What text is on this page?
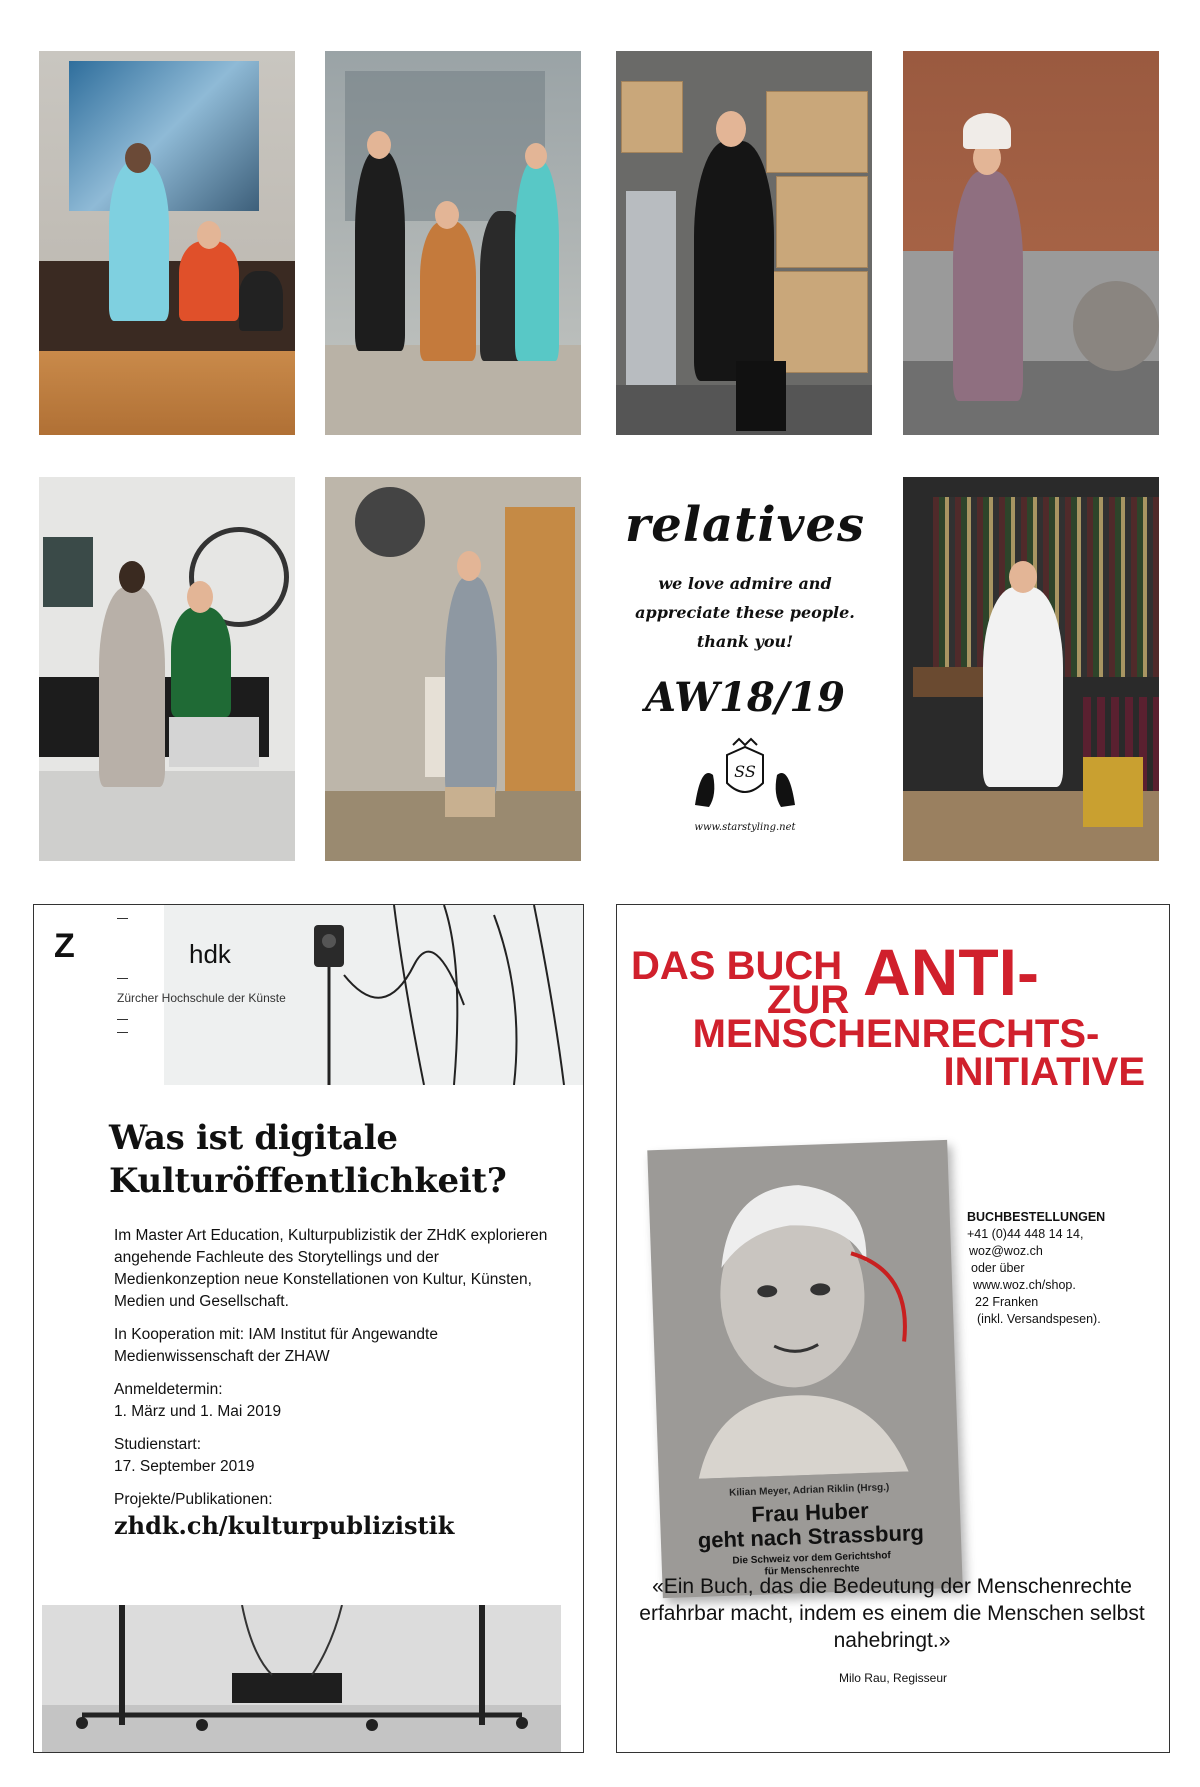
relatives
we love admire and
appreciate these people.
thank you!
AW18/19
SS
www.starstyling.net
Z	hdk
Zürcher Hochschule der Künste
Was ist digitale
Kulturöffentlichkeit?

Im Master Art Education, Kulturpublizistik der ZHdK explorieren angehende Fachleute des Storytellings und der Medienkonzeption neue Konstellationen von Kultur, Künsten, Medien und Gesellschaft.

In Kooperation mit: IAM Institut für Angewandte Medienwissenschaft der ZHAW

Anmeldetermin:
1. März und 1. Mai 2019

Studienstart:
17. September 2019

Projekte/Publikationen:

zhdk.ch/kulturpublizistik
DAS BUCH
ZUR ANTI-
MENSCHENRECHTS-
INITIATIVE
Kilian Meyer, Adrian Riklin (Hrsg.)
Frau Huber
geht nach Strassburg
Die Schweiz vor dem Gerichtshof
für Menschenrechte
BUCHBESTELLUNGEN
+41 (0)44 448 14 14,
woz@woz.ch
oder über
www.woz.ch/shop.
22 Franken
(inkl. Versandspesen).
«Ein Buch, das die Bedeutung der Menschenrechte erfahrbar macht, indem es einem die Menschen selbst nahebringt.»
Milo Rau, Regisseur
